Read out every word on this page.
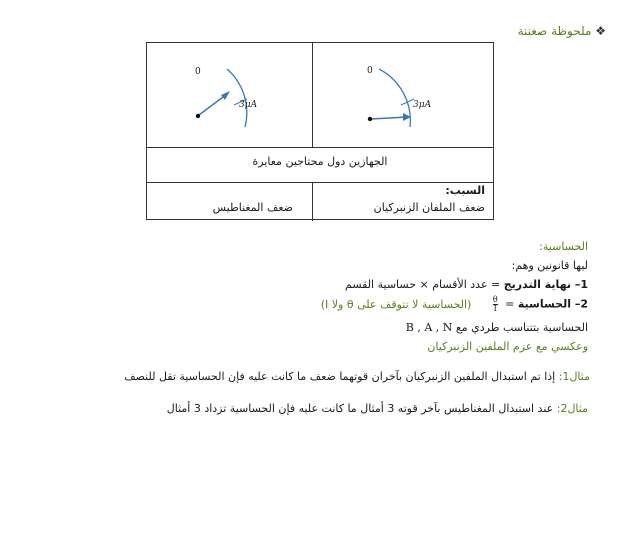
❖ ملحوظة صغننة
0
3μA
0
3μA
الجهازين دول محتاجين معايرة
السبب:
ضعف الملفان الزنبركيان
ضعف المغناطيس
الحساسية:
ليها قانونين وهم:
1– نهاية التدريج = عدد الأقسام × حساسية القسم
2– الحساسية =
$\frac{\theta}{I}$
(الحساسية لا تتوقف على θ ولا I)
الحساسية بتتناسب طردي مع B , A , N
وعكسي مع عزم الملفين الزنبركيان
مثال1: إذا تم استبدال الملفين الزنبركيان بآخران قوتهما ضعف ما كانت عليه فإن الحساسية تقل للنصف
مثال2: عند استبدال المغناطيس بآخر قوته 3 أمثال ما كانت عليه فإن الحساسية تزداد 3 أمثال
